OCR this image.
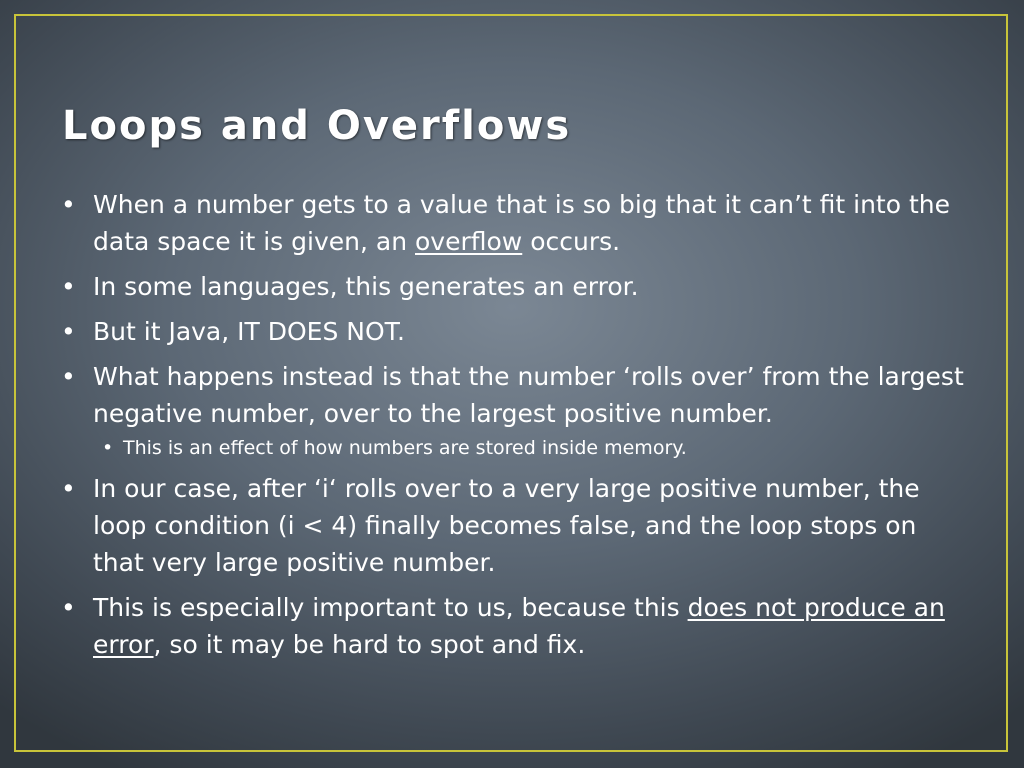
Loops and Overflows
• When a number gets to a value that is so big that it can’t fit into the data space it is given, an overflow occurs.
• In some languages, this generates an error.
• But it Java, IT DOES NOT.
• What happens instead is that the number ‘rolls over’ from the largest negative number, over to the largest positive number.
• This is an effect of how numbers are stored inside memory.
• In our case, after ‘i‘ rolls over to a very large positive number, the loop condition (i < 4) finally becomes false, and the loop stops on that very large positive number.
• This is especially important to us, because this does not produce an error, so it may be hard to spot and fix.
